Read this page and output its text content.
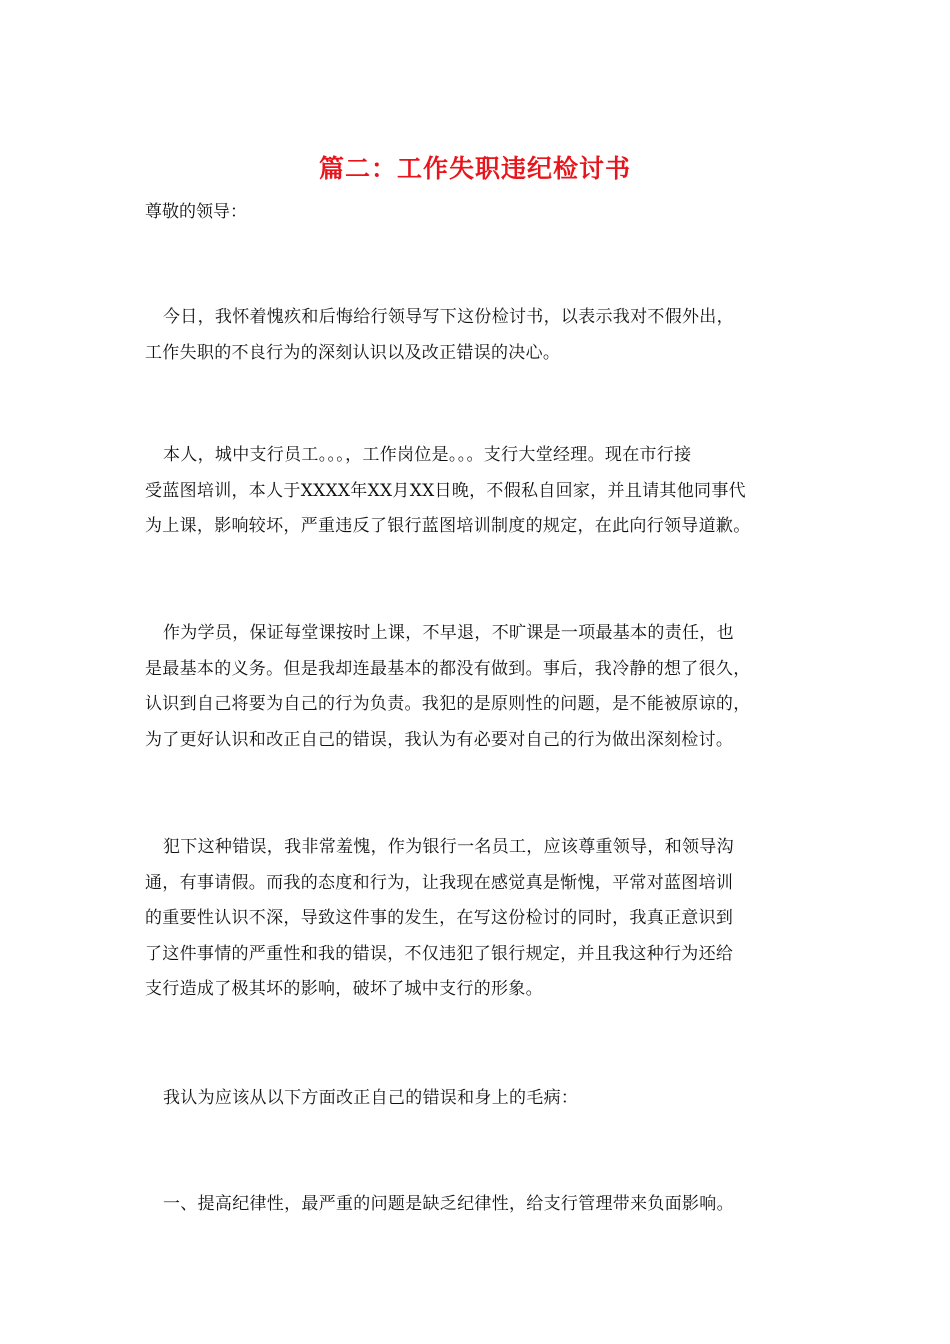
篇二：工作失职违纪检讨书
尊敬的领导：
今日，我怀着愧疚和后悔给行领导写下这份检讨书，以表示我对不假外出，
工作失职的不良行为的深刻认识以及改正错误的决心。
本人，城中支行员工。。。，工作岗位是。。。支行大堂经理。现在市行接
受蓝图培训，本人于XXXX年XX月XX日晚，不假私自回家，并且请其他同事代
为上课，影响较坏，严重违反了银行蓝图培训制度的规定，在此向行领导道歉。
作为学员，保证每堂课按时上课，不早退，不旷课是一项最基本的责任，也
是最基本的义务。但是我却连最基本的都没有做到。事后，我冷静的想了很久，
认识到自己将要为自己的行为负责。我犯的是原则性的问题，是不能被原谅的，
为了更好认识和改正自己的错误，我认为有必要对自己的行为做出深刻检讨。
犯下这种错误，我非常羞愧，作为银行一名员工，应该尊重领导，和领导沟
通，有事请假。而我的态度和行为，让我现在感觉真是惭愧，平常对蓝图培训
的重要性认识不深，导致这件事的发生，在写这份检讨的同时，我真正意识到
了这件事情的严重性和我的错误，不仅违犯了银行规定，并且我这种行为还给
支行造成了极其坏的影响，破坏了城中支行的形象。
我认为应该从以下方面改正自己的错误和身上的毛病：
一、提高纪律性，最严重的问题是缺乏纪律性，给支行管理带来负面影响。
